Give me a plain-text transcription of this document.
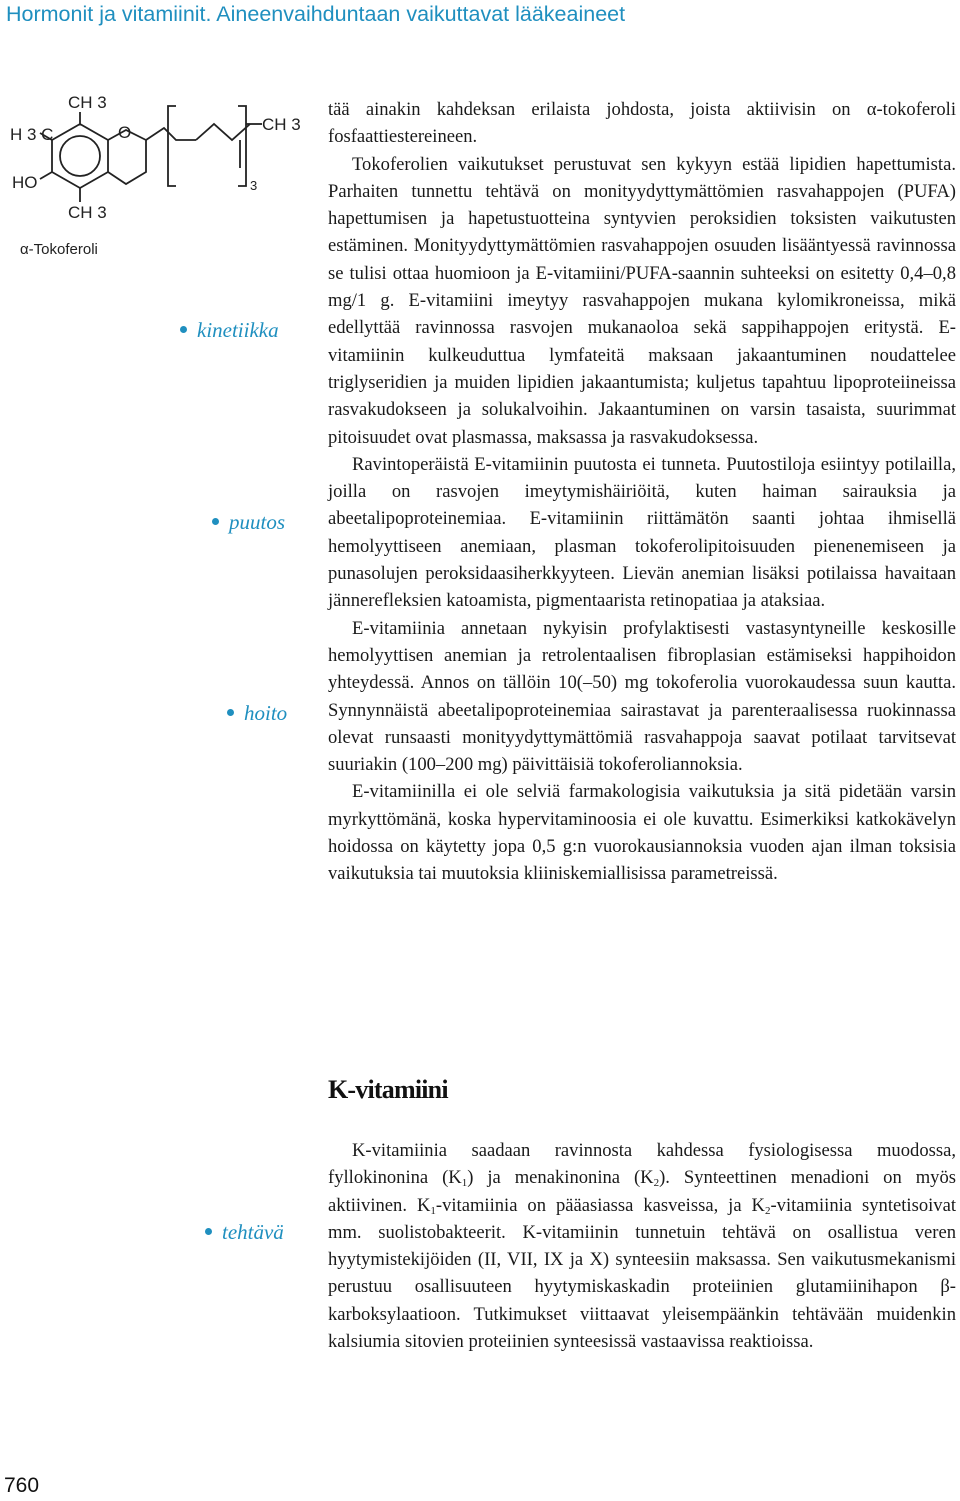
Hormonit ja vitamiinit. Aineenvaihduntaan vaikuttavat lääkeaineet
H 3 C
CH 3
O
HO
CH 3
CH 3
3
α-Tokoferoli
kinetiikka
puutos
hoito
tehtävä

tää ainakin kahdeksan erilaista johdosta, joista aktiivisin on α-tokoferoli fosfaattiestereineen.

Tokoferolien vaikutukset perustuvat sen kykyyn estää lipidien hapettumista. Parhaiten tunnettu tehtävä on monityydyttymättömien rasvahappojen (PUFA) hapettumisen ja hapetustuotteina syntyvien peroksidien toksisten vaikutusten estäminen. Monityydyttymättömien rasvahappojen osuuden lisääntyessä ravinnossa se tulisi ottaa huomioon ja E-vitamiini/PUFA-saannin suhteeksi on esitetty 0,4–0,8 mg/1 g. E-vitamiini imeytyy rasvahappojen mukana kylomikroneissa, mikä edellyttää ravinnossa rasvojen mukanaoloa sekä sappihappojen eritystä. E-vitamiinin kulkeuduttua lymfateitä maksaan jakaantuminen noudattelee triglyseridien ja muiden lipidien jakaantumista; kuljetus tapahtuu lipoproteiineissa rasvakudokseen ja solukalvoihin. Jakaantuminen on varsin tasaista, suurimmat pitoisuudet ovat plasmassa, maksassa ja rasvakudoksessa.

Ravintoperäistä E-vitamiinin puutosta ei tunneta. Puutostiloja esiintyy potilailla, joilla on rasvojen imeytymishäiriöitä, kuten haiman sairauksia ja abeetalipoproteinemiaa. E-vitamiinin riittämätön saanti johtaa ihmisellä hemolyyttiseen anemiaan, plasman tokoferolipitoisuuden pienenemiseen ja punasolujen peroksidaasiherkkyyteen. Lievän anemian lisäksi potilaissa havaitaan jännerefleksien katoamista, pigmentaarista retinopatiaa ja ataksiaa.

E-vitamiinia annetaan nykyisin profylaktisesti vastasyntyneille keskosille hemolyyttisen anemian ja retrolentaalisen fibroplasian estämiseksi happihoidon yhteydessä. Annos on tällöin 10(–50) mg tokoferolia vuorokaudessa suun kautta. Synnynnäistä abeetalipoproteinemiaa sairastavat ja parenteraalisessa ruokinnassa olevat runsaasti monityydyttymättömiä rasvahappoja saavat potilaat tarvitsevat suuriakin (100–200 mg) päivittäisiä tokoferoliannoksia.

E-vitamiinilla ei ole selviä farmakologisia vaikutuksia ja sitä pidetään varsin myrkyttömänä, koska hypervitaminoosia ei ole kuvattu. Esimerkiksi katkokävelyn hoidossa on käytetty jopa 0,5 g:n vuorokausiannoksia vuoden ajan ilman toksisia vaikutuksia tai muutoksia kliiniskemiallisissa parametreissä.

K-vitamiini

K-vitamiinia saadaan ravinnosta kahdessa fysiologisessa muodossa, fyllokinonina $(K_1)$ ja menakinonina $(K_2)$. Synteettinen menadioni on myös aktiivinen. $K_1$-vitamiinia on pääasiassa kasveissa, ja $K_2$-vitamiinia syntetisoivat mm. suolistobakteerit. K-vitamiinin tunnetuin tehtävä on osallistua veren hyytymistekijöiden (II, VII, IX ja X) synteesiin maksassa. Sen vaikutusmekanismi perustuu osallisuuteen hyytymiskaskadin proteiinien glutamiinihapon β-karboksylaatioon. Tutkimukset viittaavat yleisempäänkin tehtävään muidenkin kalsiumia sitovien proteiinien synteesissä vastaavissa reaktioissa.

760
